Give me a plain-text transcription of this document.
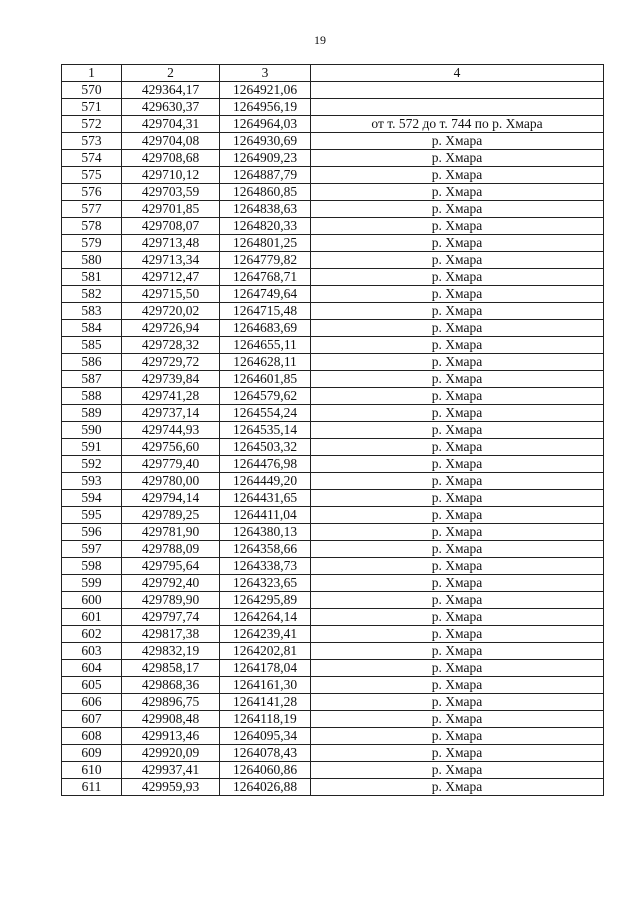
19
1	2	3	4
570	429364,17	1264921,06	
571	429630,37	1264956,19	
572	429704,31	1264964,03	от т. 572 до т. 744 по р. Хмара
573	429704,08	1264930,69	р. Хмара
574	429708,68	1264909,23	р. Хмара
575	429710,12	1264887,79	р. Хмара
576	429703,59	1264860,85	р. Хмара
577	429701,85	1264838,63	р. Хмара
578	429708,07	1264820,33	р. Хмара
579	429713,48	1264801,25	р. Хмара
580	429713,34	1264779,82	р. Хмара
581	429712,47	1264768,71	р. Хмара
582	429715,50	1264749,64	р. Хмара
583	429720,02	1264715,48	р. Хмара
584	429726,94	1264683,69	р. Хмара
585	429728,32	1264655,11	р. Хмара
586	429729,72	1264628,11	р. Хмара
587	429739,84	1264601,85	р. Хмара
588	429741,28	1264579,62	р. Хмара
589	429737,14	1264554,24	р. Хмара
590	429744,93	1264535,14	р. Хмара
591	429756,60	1264503,32	р. Хмара
592	429779,40	1264476,98	р. Хмара
593	429780,00	1264449,20	р. Хмара
594	429794,14	1264431,65	р. Хмара
595	429789,25	1264411,04	р. Хмара
596	429781,90	1264380,13	р. Хмара
597	429788,09	1264358,66	р. Хмара
598	429795,64	1264338,73	р. Хмара
599	429792,40	1264323,65	р. Хмара
600	429789,90	1264295,89	р. Хмара
601	429797,74	1264264,14	р. Хмара
602	429817,38	1264239,41	р. Хмара
603	429832,19	1264202,81	р. Хмара
604	429858,17	1264178,04	р. Хмара
605	429868,36	1264161,30	р. Хмара
606	429896,75	1264141,28	р. Хмара
607	429908,48	1264118,19	р. Хмара
608	429913,46	1264095,34	р. Хмара
609	429920,09	1264078,43	р. Хмара
610	429937,41	1264060,86	р. Хмара
611	429959,93	1264026,88	р. Хмара
